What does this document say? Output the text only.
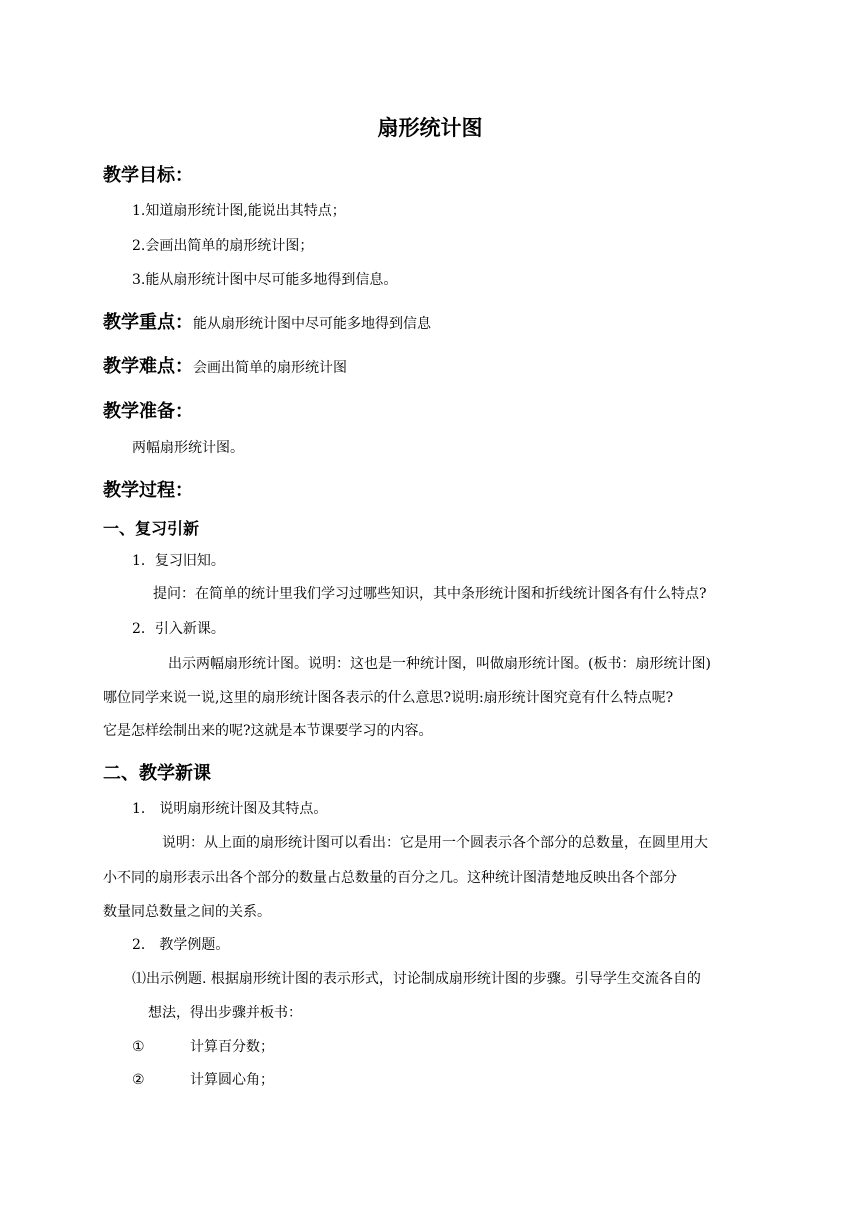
扇形统计图
教学目标：
1.知道扇形统计图,能说出其特点；
2.会画出简单的扇形统计图；
3.能从扇形统计图中尽可能多地得到信息。
教学重点：能从扇形统计图中尽可能多地得到信息
教学难点：会画出简单的扇形统计图
教学准备：
两幅扇形统计图。
教学过程：
一、复习引新
1．复习旧知。
提问：在简单的统计里我们学习过哪些知识，其中条形统计图和折线统计图各有什么特点?
2．引入新课。
出示两幅扇形统计图。说明：这也是一种统计图，叫做扇形统计图。(板书：扇形统计图)
哪位同学来说一说,这里的扇形统计图各表示的什么意思?说明:扇形统计图究竟有什么特点呢?
它是怎样绘制出来的呢?这就是本节课要学习的内容。
二、教学新课
1． 说明扇形统计图及其特点。
说明：从上面的扇形统计图可以看出：它是用一个圆表示各个部分的总数量，在圆里用大
小不同的扇形表示出各个部分的数量占总数量的百分之几。这种统计图清楚地反映出各个部分
数量同总数量之间的关系。
2． 教学例题。
⑴出示例题. 根据扇形统计图的表示形式，讨论制成扇形统计图的步骤。引导学生交流各自的
想法，得出步骤并板书：
①	计算百分数；
②	计算圆心角；
